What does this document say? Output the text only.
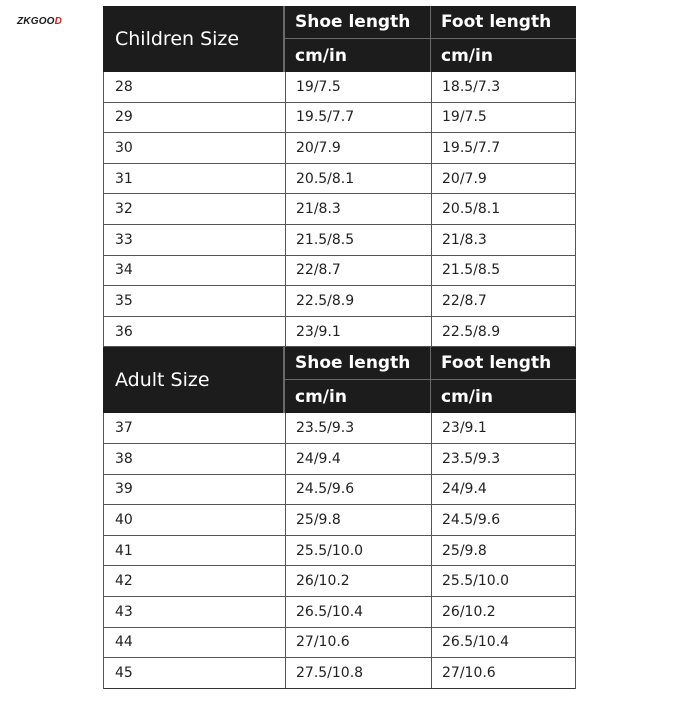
ZKGOOD
Children Size
Shoe length	Foot length
cm/in	cm/in
28	19/7.5	18.5/7.3
29	19.5/7.7	19/7.5
30	20/7.9	19.5/7.7
31	20.5/8.1	20/7.9
32	21/8.3	20.5/8.1
33	21.5/8.5	21/8.3
34	22/8.7	21.5/8.5
35	22.5/8.9	22/8.7
36	23/9.1	22.5/8.9
Adult Size
Shoe length	Foot length
cm/in	cm/in
37	23.5/9.3	23/9.1
38	24/9.4	23.5/9.3
39	24.5/9.6	24/9.4
40	25/9.8	24.5/9.6
41	25.5/10.0	25/9.8
42	26/10.2	25.5/10.0
43	26.5/10.4	26/10.2
44	27/10.6	26.5/10.4
45	27.5/10.8	27/10.6
